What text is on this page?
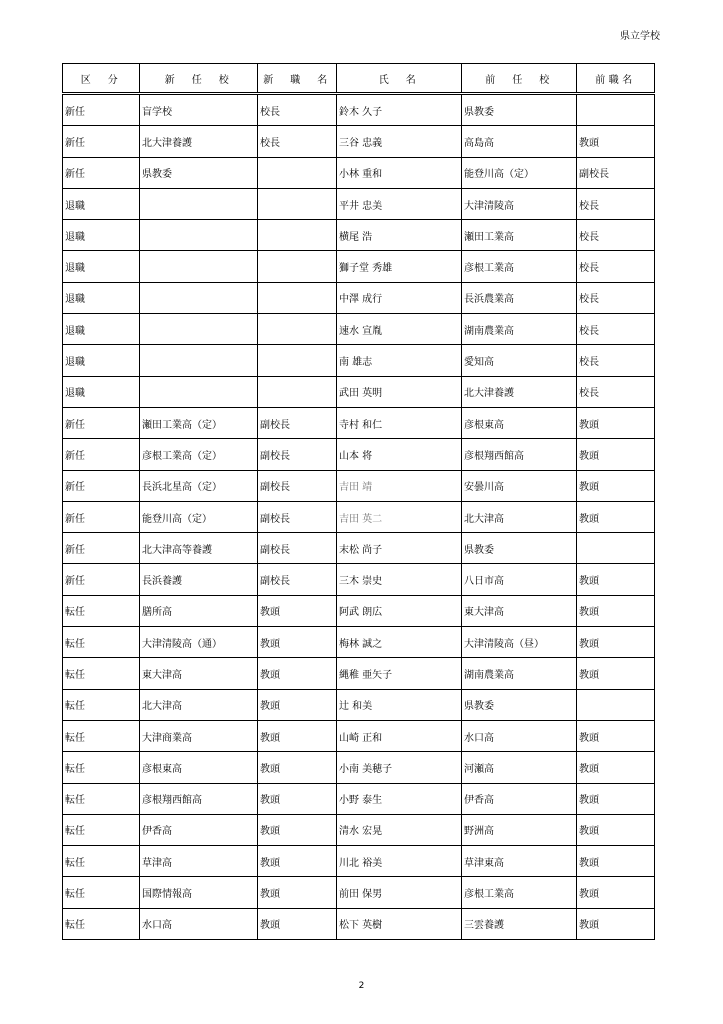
県立学校
区　分	新　任　校	新　職　名	氏　名	前　任　校	前職名
新任	盲学校	校長	鈴木 久子	県教委	
新任	北大津養護	校長	三谷 忠義	高島高	教頭
新任	県教委		小林 重和	能登川高（定）	副校長
退職			平井 忠美	大津清陵高	校長
退職			横尾 浩	瀬田工業高	校長
退職			獅子堂 秀雄	彦根工業高	校長
退職			中澤 成行	長浜農業高	校長
退職			速水 宣胤	湖南農業高	校長
退職			南 雄志	愛知高	校長
退職			武田 英明	北大津養護	校長
新任	瀬田工業高（定）	副校長	寺村 和仁	彦根東高	教頭
新任	彦根工業高（定）	副校長	山本 将	彦根翔西館高	教頭
新任	長浜北星高（定）	副校長	吉田 靖	安曇川高	教頭
新任	能登川高（定）	副校長	吉田 英二	北大津高	教頭
新任	北大津高等養護	副校長	末松 尚子	県教委	
新任	長浜養護	副校長	三木 崇史	八日市高	教頭
転任	膳所高	教頭	阿武 朗広	東大津高	教頭
転任	大津清陵高（通）	教頭	梅林 誠之	大津清陵高（昼）	教頭
転任	東大津高	教頭	縄稚 亜矢子	湖南農業高	教頭
転任	北大津高	教頭	辻 和美	県教委	
転任	大津商業高	教頭	山崎 正和	水口高	教頭
転任	彦根東高	教頭	小南 美穂子	河瀬高	教頭
転任	彦根翔西館高	教頭	小野 泰生	伊香高	教頭
転任	伊香高	教頭	清水 宏晃	野洲高	教頭
転任	草津高	教頭	川北 裕美	草津東高	教頭
転任	国際情報高	教頭	前田 保男	彦根工業高	教頭
転任	水口高	教頭	松下 英樹	三雲養護	教頭
2
